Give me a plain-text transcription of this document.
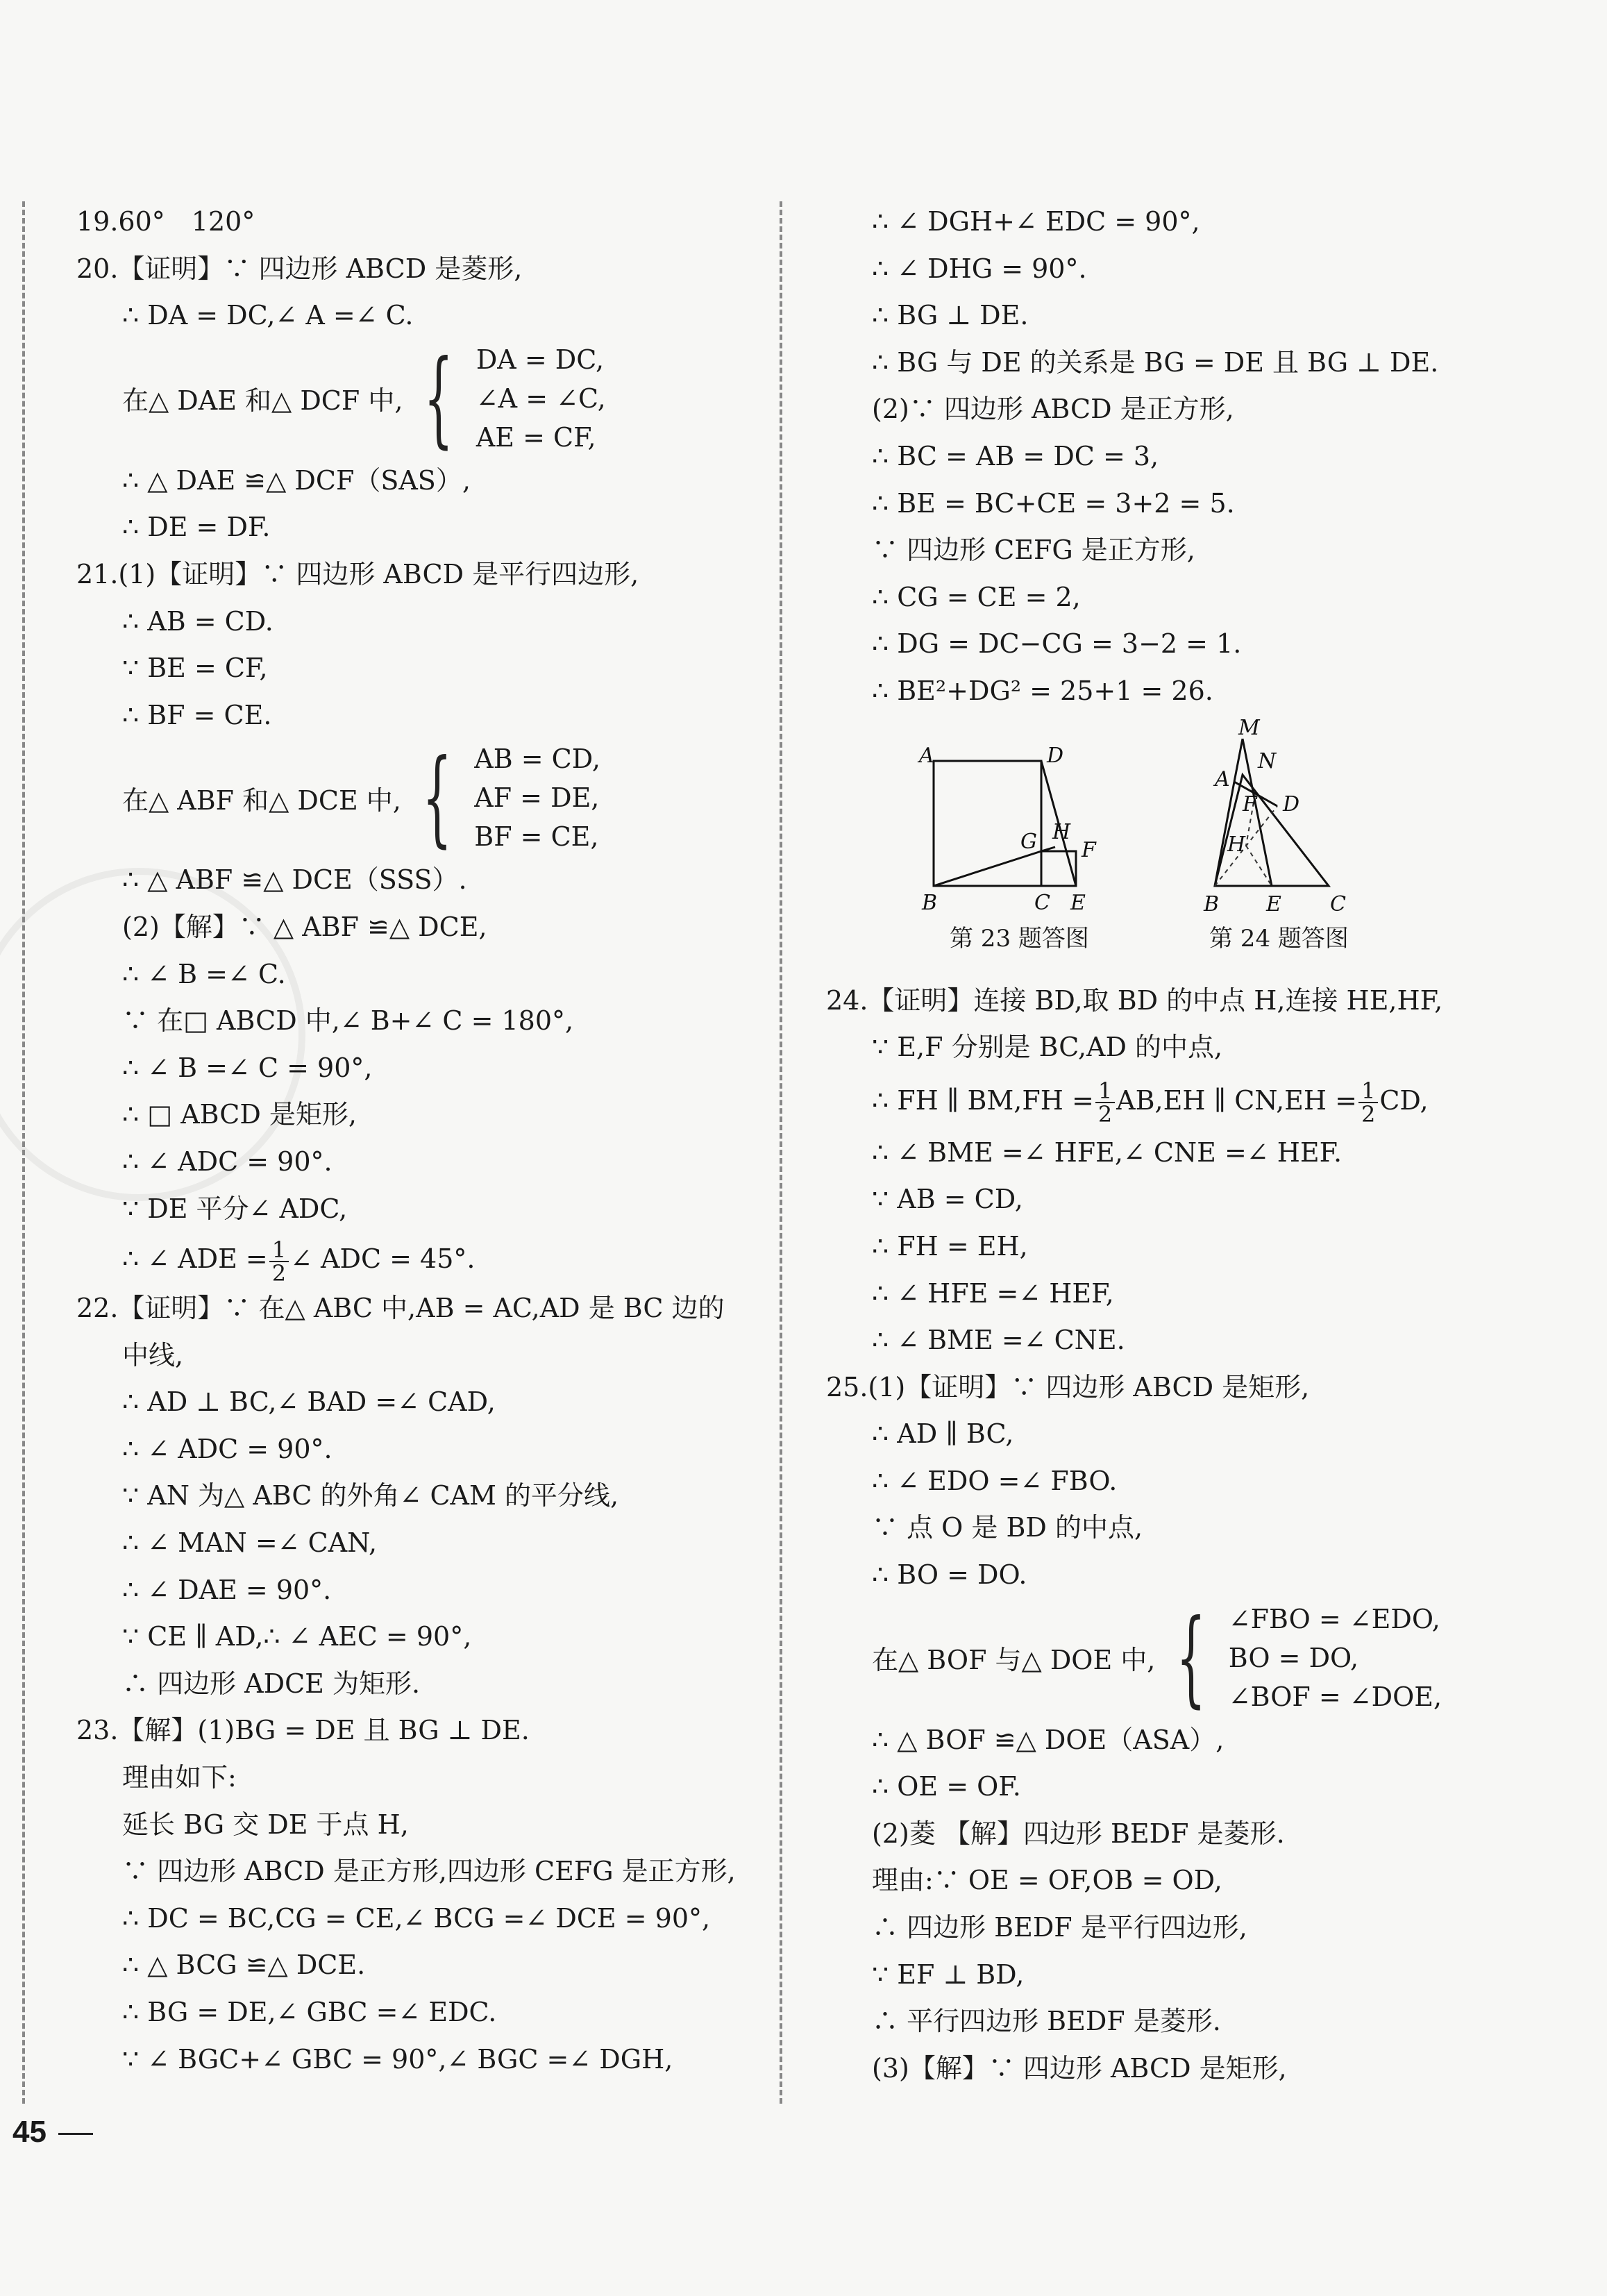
19.60°　120°
20.【证明】∵ 四边形 ABCD 是菱形,
∴ DA = DC,∠ A =∠ C.
在△ DAE 和△ DCF 中, { DA = DC,
∠A = ∠C,
AE = CF,
∴ △ DAE ≌△ DCF（SAS）,
∴ DE = DF.
21.(1)【证明】∵ 四边形 ABCD 是平行四边形,
∴ AB = CD.
∵ BE = CF,
∴ BF = CE.
在△ ABF 和△ DCE 中, { AB = CD,
AF = DE,
BF = CE,
∴ △ ABF ≌△ DCE（SSS）.
(2)【解】∵ △ ABF ≌△ DCE,
∴ ∠ B =∠ C.
∵ 在□ ABCD 中,∠ B+∠ C = 180°,
∴ ∠ B =∠ C = 90°,
∴ □ ABCD 是矩形,
∴ ∠ ADC = 90°.
∵ DE 平分∠ ADC,
∴ ∠ ADE = $\frac{1}{2}$ ∠ ADC = 45°.
22.【证明】∵ 在△ ABC 中,AB = AC,AD 是 BC 边的
中线,
∴ AD ⊥ BC,∠ BAD =∠ CAD,
∴ ∠ ADC = 90°.
∵ AN 为△ ABC 的外角∠ CAM 的平分线,
∴ ∠ MAN =∠ CAN,
∴ ∠ DAE = 90°.
∵ CE ∥ AD,∴ ∠ AEC = 90°,
∴ 四边形 ADCE 为矩形.
23.【解】(1)BG = DE 且 BG ⊥ DE.
理由如下:
延长 BG 交 DE 于点 H,
∵ 四边形 ABCD 是正方形,四边形 CEFG 是正方形,
∴ DC = BC,CG = CE,∠ BCG =∠ DCE = 90°,
∴ △ BCG ≌△ DCE.
∴ BG = DE,∠ GBC =∠ EDC.
∵ ∠ BGC+∠ GBC = 90°,∠ BGC =∠ DGH,
∴ ∠ DGH+∠ EDC = 90°,
∴ ∠ DHG = 90°.
∴ BG ⊥ DE.
∴ BG 与 DE 的关系是 BG = DE 且 BG ⊥ DE.
(2)∵ 四边形 ABCD 是正方形,
∴ BC = AB = DC = 3,
∴ BE = BC+CE = 3+2 = 5.
∵ 四边形 CEFG 是正方形,
∴ CG = CE = 2,
∴ DG = DC−CG = 3−2 = 1.
∴ BE²+DG² = 25+1 = 26.
A	D
G H
F
B	C E
第 23 题答图
M
N
A
F D
H
B E C
第 24 题答图
24.【证明】连接 BD,取 BD 的中点 H,连接 HE,HF,
∵ E,F 分别是 BC,AD 的中点,
∴ FH ∥ $BM,FH = \frac{1}{2} AB,EH$ ∥ $CN,EH = \frac{1}{2}$ CD,
∴ ∠ BME =∠ HFE,∠ CNE =∠ HEF.
∵ AB = CD,
∴ FH = EH,
∴ ∠ HFE =∠ HEF,
∴ ∠ BME =∠ CNE.
25.(1)【证明】∵ 四边形 ABCD 是矩形,
∴ AD ∥ BC,
∴ ∠ EDO =∠ FBO.
∵ 点 O 是 BD 的中点,
∴ BO = DO.
在△ BOF 与△ DOE 中, { ∠FBO = ∠EDO,
BO = DO,
∠BOF = ∠DOE,
∴ △ BOF ≌△ DOE（ASA）,
∴ OE = OF.
(2)菱 【解】四边形 BEDF 是菱形.
理由:∵ OE = OF,OB = OD,
∴ 四边形 BEDF 是平行四边形,
∵ EF ⊥ BD,
∴ 平行四边形 BEDF 是菱形.
(3)【解】∵ 四边形 ABCD 是矩形,
45
